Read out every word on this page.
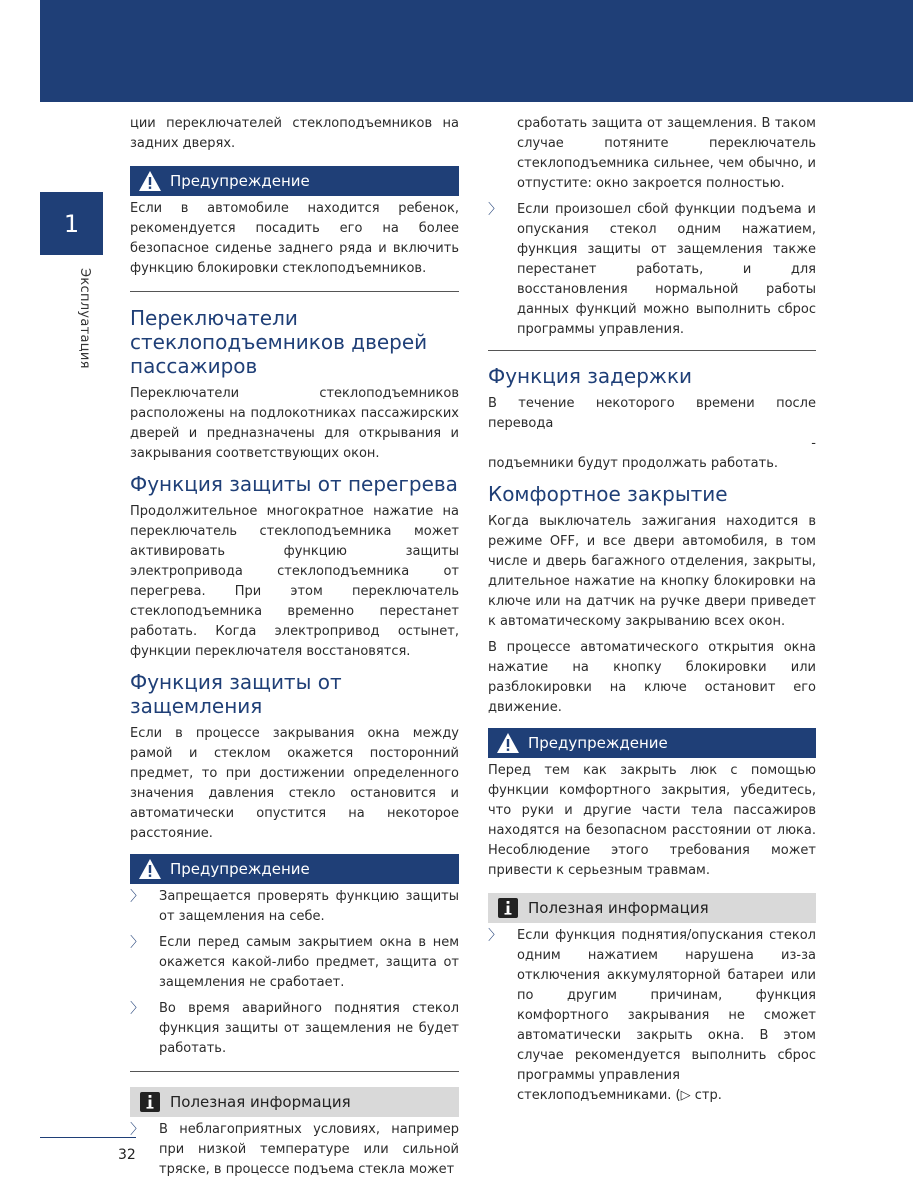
1
Эксплуатация

ции переключателей стеклоподъемников на задних дверях.

Предупреждение

Если в автомобиле находится ребенок, рекомендуется посадить его на более безопасное сиденье заднего ряда и включить функцию блокировки стеклоподъемников.

Переключатели стеклоподъемников дверей пассажиров

Переключатели стеклоподъемников расположены на подлокотниках пассажирских дверей и предназначены для открывания и закрывания соответствующих окон.

Функция защиты от перегрева

Продолжительное многократное нажатие на переключатель стеклоподъемника может активировать функцию защиты электропривода стеклоподъемника от перегрева. При этом переключатель стеклоподъемника временно перестанет работать. Когда электропривод остынет, функции переключателя восстановятся.

Функция защиты от защемления

Если в процессе закрывания окна между рамой и стеклом окажется посторонний предмет, то при достижении определенного значения давления стекло остановится и автоматически опустится на некоторое расстояние.

Предупреждение
〉 Запрещается проверять функцию защиты от защемления на себе.
〉 Если перед самым закрытием окна в нем окажется какой-либо предмет, защита от защемления не сработает.
〉 Во время аварийного поднятия стекол функция защиты от защемления не будет работать.
Полезная информация
〉 В неблагоприятных условиях, например при низкой температуре или сильной тряске, в процессе подъема стекла может
сработать защита от защемления. В таком случае потяните переключатель стеклоподъемника сильнее, чем обычно, и отпустите: окно закроется полностью.
〉 Если произошел сбой функции подъема и опускания стекол одним нажатием, функция защиты от защемления также перестанет работать, и для восстановления нормальной работы данных функций можно выполнить сброс программы управления.
Функция задержки

В течение некоторого времени после перевода

-
подъемники будут продолжать работать.

Комфортное закрытие

Когда выключатель зажигания находится в режиме OFF, и все двери автомобиля, в том числе и дверь багажного отделения, закрыты, длительное нажатие на кнопку блокировки на ключе или на датчик на ручке двери приведет к автоматическому закрыванию всех окон.

В процессе автоматического открытия окна нажатие на кнопку блокировки или разблокировки на ключе остановит его движение.

Предупреждение

Перед тем как закрыть люк с помощью функции комфортного закрытия, убедитесь, что руки и другие части тела пассажиров находятся на безопасном расстоянии от люка. Несоблюдение этого требования может привести к серьезным травмам.

Полезная информация
〉 Если функция поднятия/опускания стекол одним нажатием нарушена из-за отключения аккумуляторной батареи или по другим причинам, функция комфортного закрывания не сможет автоматически закрыть окна. В этом случае рекомендуется выполнить сброс программы управления
стеклоподъемниками. (▷ стр.
32
